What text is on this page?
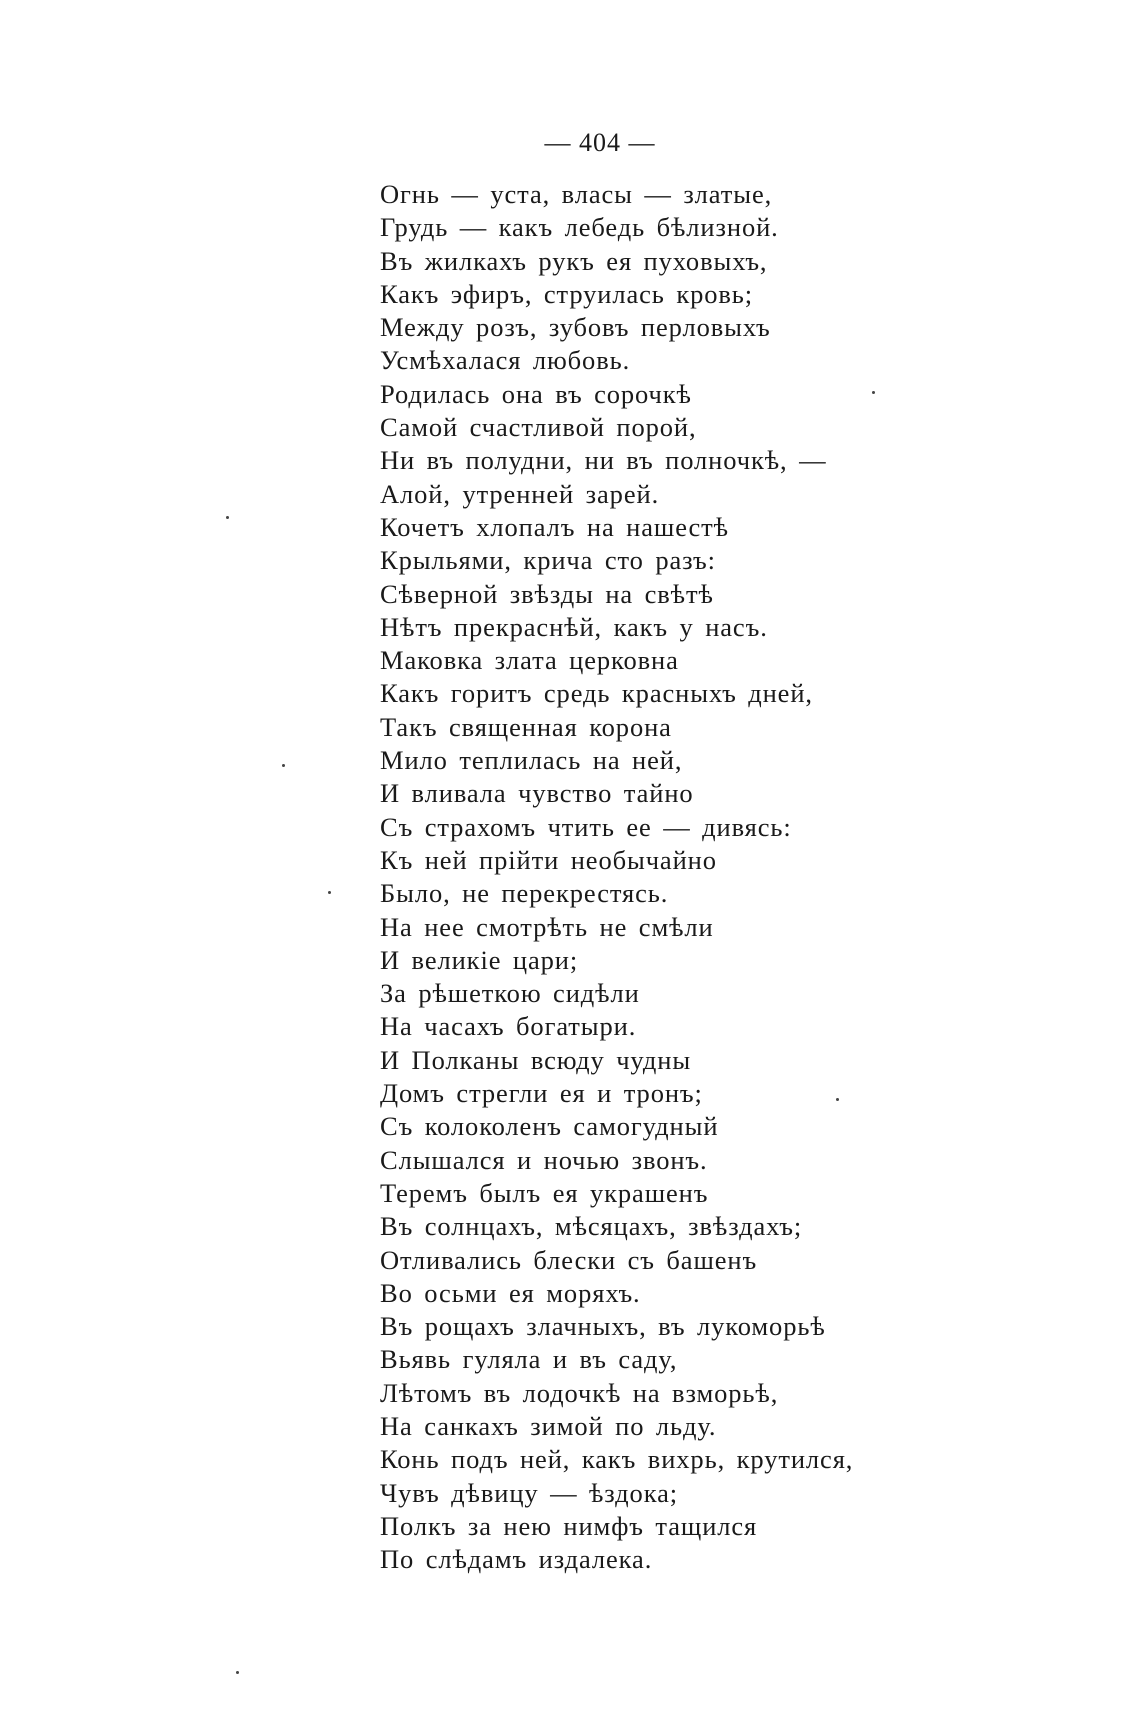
— 404 —
Огнь — уста, власы — златые,
Грудь — какъ лебедь бѣлизной.
Въ жилкахъ рукъ ея пуховыхъ,
Какъ эфиръ, струилась кровь;
Между розъ, зубовъ перловыхъ
Усмѣхалася любовь.
Родилась она въ сорочкѣ
Самой счастливой порой,
Ни въ полудни, ни въ полночкѣ, —
Алой, утренней зарей.
Кочетъ хлопалъ на нашестѣ
Крыльями, крича сто разъ:
Сѣверной звѣзды на свѣтѣ
Нѣтъ прекраснѣй, какъ у насъ.
Маковка злата церковна
Какъ горитъ средь красныхъ дней,
Такъ священная корона
Мило теплилась на ней,
И вливала чувство тайно
Съ страхомъ чтить ее — дивясь:
Къ ней прійти необычайно
Было, не перекрестясь.
На нее смотрѣть не смѣли
И великіе цари;
За рѣшеткою сидѣли
На часахъ богатыри.
И Полканы всюду чудны
Домъ стрегли ея и тронъ;
Съ колоколенъ самогудный
Слышался и ночью звонъ.
Теремъ былъ ея украшенъ
Въ солнцахъ, мѣсяцахъ, звѣздахъ;
Отливались блески съ башенъ
Во осьми ея моряхъ.
Въ рощахъ злачныхъ, въ лукоморьѣ
Вьявь гуляла и въ саду,
Лѣтомъ въ лодочкѣ на взморьѣ,
На санкахъ зимой по льду.
Конь подъ ней, какъ вихрь, крутился,
Чувъ дѣвицу — ѣздока;
Полкъ за нею нимфъ тащился
По слѣдамъ издалека.
